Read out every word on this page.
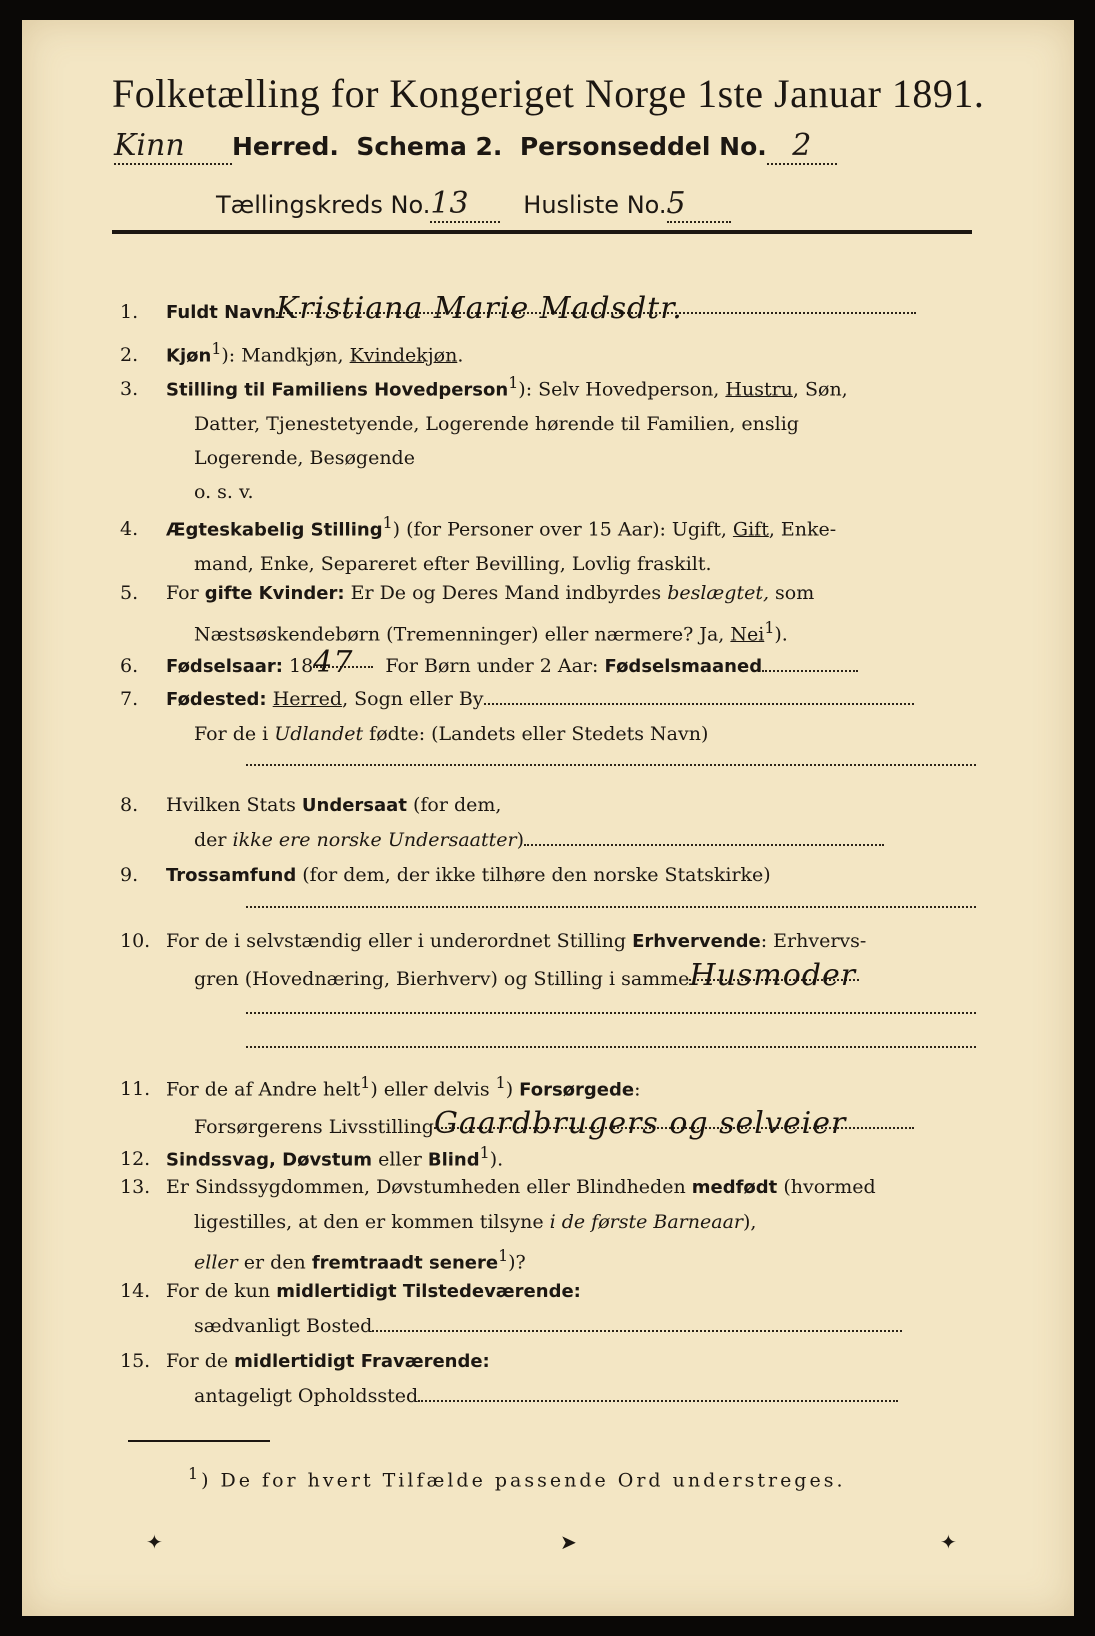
Folketælling for Kongeriget Norge 1ste Januar 1891.
Kinn Herred. Schema 2. Personseddel No. 2
Tællingskreds No.13 Husliste No.5
1. Fuldt NavnKristiana Marie Madsdtr.
2. Kjøn$^1$): Mandkjøn, Kvindekjøn.
3. Stilling til Familiens Hovedperson$^1$): Selv Hovedperson, Hustru, Søn,
Datter, Tjenestetyende, Logerende hørende til Familien, enslig
Logerende, Besøgende
o. s. v.
4. Ægteskabelig Stilling$^1$) (for Personer over 15 Aar): Ugift, Gift, Enke-
mand, Enke, Separeret efter Bevilling, Lovlig fraskilt.
5. For gifte Kvinder: Er De og Deres Mand indbyrdes beslægtet, som
Næstsøskendebørn (Tremenninger) eller nærmere? Ja, Nei$^1$).
6. Fødselsaar: 1847 For Børn under 2 Aar: Fødselsmaaned
7. Fødested: Herred, Sogn eller By
For de i Udlandet fødte: (Landets eller Stedets Navn)
8. Hvilken Stats Undersaat (for dem,
der ikke ere norske Undersaatter)
9. Trossamfund (for dem, der ikke tilhøre den norske Statskirke)
10. For de i selvstændig eller i underordnet Stilling Erhvervende: Erhvervs-
gren (Hovednæring, Bierhverv) og Stilling i sammeHusmoder
11. For de af Andre helt$^1$) eller delvis $^1$) Forsørgede:
Forsørgerens LivsstillingGaardbrugers og selveier
12. Sindssvag, Døvstum eller Blind$^1$).
13. Er Sindssygdommen, Døvstumheden eller Blindheden medfødt (hvormed
ligestilles, at den er kommen tilsyne i de første Barneaar),
eller er den fremtraadt senere$^1$)?
14. For de kun midlertidigt Tilstedeværende:
sædvanligt Bosted
15. For de midlertidigt Fraværende:
antageligt Opholdssted
$^1$) De for hvert Tilfælde passende Ord understreges.
✦	➤	✦
